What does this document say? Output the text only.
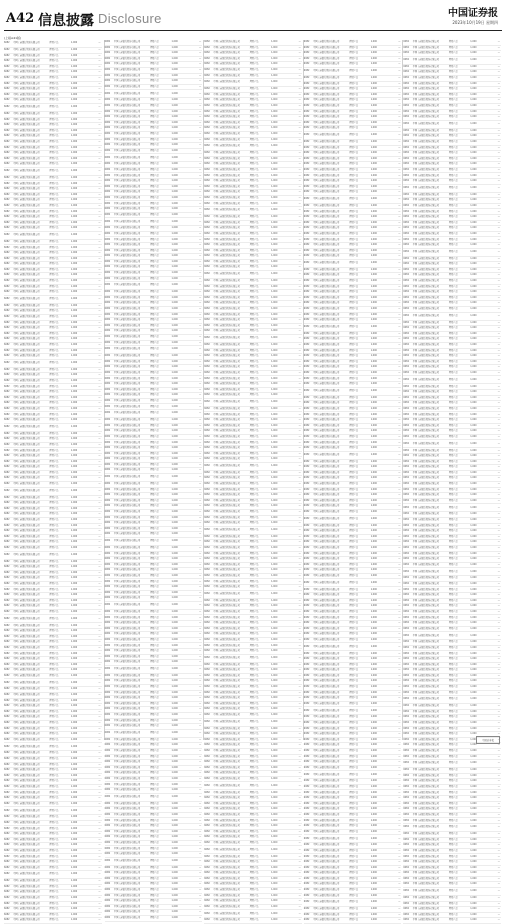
A42 信息披露 Disclosure	中国证券报
2023年10月19日 星期四
(上接A41版)
6082	中国工商银行股份有限公司	理财产品	1,000	—
6082	中国工商银行股份有限公司	理财产品	1,000	—
6082	中国工商银行股份有限公司	理财产品	1,000	—
6082	中国工商银行股份有限公司	理财产品	1,000	—
6082	中国工商银行股份有限公司	理财产品	1,000	—
6082	中国工商银行股份有限公司	理财产品	1,000	—
6082	中国工商银行股份有限公司	理财产品	1,000	—
6082	中国工商银行股份有限公司	理财产品	1,000	—
6082	中国工商银行股份有限公司	理财产品	1,000	—
6082	中国工商银行股份有限公司	理财产品	1,000	—
6082	中国工商银行股份有限公司	理财产品	1,000	—
6082	中国工商银行股份有限公司	理财产品	1,000	—
6082	中国工商银行股份有限公司	理财产品	1,000	—
6082	中国工商银行股份有限公司	理财产品	1,000	—
6082	中国工商银行股份有限公司	理财产品	1,000	—
6082	中国工商银行股份有限公司	理财产品	1,000	—
6082	中国工商银行股份有限公司	理财产品	1,000	—
6082	中国工商银行股份有限公司	理财产品	1,000	—
6082	中国工商银行股份有限公司	理财产品	1,000	—
6082	中国工商银行股份有限公司	理财产品	1,000	—
6082	中国工商银行股份有限公司	理财产品	1,000	—
6082	中国工商银行股份有限公司	理财产品	1,000	—
6082	中国工商银行股份有限公司	理财产品	1,000	—
6082	中国工商银行股份有限公司	理财产品	1,000	—
6082	中国工商银行股份有限公司	理财产品	1,000	—
6082	中国工商银行股份有限公司	理财产品	1,000	—
6082	中国工商银行股份有限公司	理财产品	1,000	—
6082	中国工商银行股份有限公司	理财产品	1,000	—
6082	中国工商银行股份有限公司	理财产品	1,000	—
6082	中国工商银行股份有限公司	理财产品	1,000	—
6082	中国工商银行股份有限公司	理财产品	1,000	—
6082	中国工商银行股份有限公司	理财产品	1,000	—
6082	中国工商银行股份有限公司	理财产品	1,000	—
6082	中国工商银行股份有限公司	理财产品	1,000	—
6082	中国工商银行股份有限公司	理财产品	1,000	—
6082	中国工商银行股份有限公司	理财产品	1,000	—
6082	中国工商银行股份有限公司	理财产品	1,000	—
6082	中国工商银行股份有限公司	理财产品	1,000	—
6082	中国工商银行股份有限公司	理财产品	1,000	—
6082	中国工商银行股份有限公司	理财产品	1,000	—
6082	中国工商银行股份有限公司	理财产品	1,000	—
6082	中国工商银行股份有限公司	理财产品	1,000	—
6082	中国工商银行股份有限公司	理财产品	1,000	—
6082	中国工商银行股份有限公司	理财产品	1,000	—
6082	中国工商银行股份有限公司	理财产品	1,000	—
6082	中国工商银行股份有限公司	理财产品	1,000	—
6082	中国工商银行股份有限公司	理财产品	1,000	—
6082	中国工商银行股份有限公司	理财产品	1,000	—
6082	中国工商银行股份有限公司	理财产品	1,000	—
6082	中国工商银行股份有限公司	理财产品	1,000	—
6082	中国工商银行股份有限公司	理财产品	1,000	—
6082	中国工商银行股份有限公司	理财产品	1,000	—
6082	中国工商银行股份有限公司	理财产品	1,000	—
6082	中国工商银行股份有限公司	理财产品	1,000	—
6082	中国工商银行股份有限公司	理财产品	1,000	—
6082	中国工商银行股份有限公司	理财产品	1,000	—
6082	中国工商银行股份有限公司	理财产品	1,000	—
6082	中国工商银行股份有限公司	理财产品	1,000	—
6082	中国工商银行股份有限公司	理财产品	1,000	—
6082	中国工商银行股份有限公司	理财产品	1,000	—
6082	中国工商银行股份有限公司	理财产品	1,000	—
6082	中国工商银行股份有限公司	理财产品	1,000	—
6082	中国工商银行股份有限公司	理财产品	1,000	—
6082	中国工商银行股份有限公司	理财产品	1,000	—
6082	中国工商银行股份有限公司	理财产品	1,000	—
6082	中国工商银行股份有限公司	理财产品	1,000	—
6082	中国工商银行股份有限公司	理财产品	1,000	—
6082	中国工商银行股份有限公司	理财产品	1,000	—
6082	中国工商银行股份有限公司	理财产品	1,000	—
6082	中国工商银行股份有限公司	理财产品	1,000	—
6082	中国工商银行股份有限公司	理财产品	1,000	—
6082	中国工商银行股份有限公司	理财产品	1,000	—
6082	中国工商银行股份有限公司	理财产品	1,000	—
6082	中国工商银行股份有限公司	理财产品	1,000	—
6082	中国工商银行股份有限公司	理财产品	1,000	—
6082	中国工商银行股份有限公司	理财产品	1,000	—
6082	中国工商银行股份有限公司	理财产品	1,000	—
6082	中国工商银行股份有限公司	理财产品	1,000	—
6082	中国工商银行股份有限公司	理财产品	1,000	—
6082	中国工商银行股份有限公司	理财产品	1,000	—
6082	中国工商银行股份有限公司	理财产品	1,000	—
6082	中国工商银行股份有限公司	理财产品	1,000	—
6082	中国工商银行股份有限公司	理财产品	1,000	—
6082	中国工商银行股份有限公司	理财产品	1,000	—
6082	中国工商银行股份有限公司	理财产品	1,000	—
6082	中国工商银行股份有限公司	理财产品	1,000	—
6082	中国工商银行股份有限公司	理财产品	1,000	—
6082	中国工商银行股份有限公司	理财产品	1,000	—
6082	中国工商银行股份有限公司	理财产品	1,000	—
6082	中国工商银行股份有限公司	理财产品	1,000	—
6082	中国工商银行股份有限公司	理财产品	1,000	—
6082	中国工商银行股份有限公司	理财产品	1,000	—
6082	中国工商银行股份有限公司	理财产品	1,000	—
6082	中国工商银行股份有限公司	理财产品	1,000	—
6082	中国工商银行股份有限公司	理财产品	1,000	—
6082	中国工商银行股份有限公司	理财产品	1,000	—
6082	中国工商银行股份有限公司	理财产品	1,000	—
6082	中国工商银行股份有限公司	理财产品	1,000	—
6082	中国工商银行股份有限公司	理财产品	1,000	—
6082	中国工商银行股份有限公司	理财产品	1,000	—
6082	中国工商银行股份有限公司	理财产品	1,000	—
6082	中国工商银行股份有限公司	理财产品	1,000	—
6082	中国工商银行股份有限公司	理财产品	1,000	—
6082	中国工商银行股份有限公司	理财产品	1,000	—
6082	中国工商银行股份有限公司	理财产品	1,000	—
6082	中国工商银行股份有限公司	理财产品	1,000	—
6082	中国工商银行股份有限公司	理财产品	1,000	—
6082	中国工商银行股份有限公司	理财产品	1,000	—
6082	中国工商银行股份有限公司	理财产品	1,000	—
6082	中国工商银行股份有限公司	理财产品	1,000	—
6082	中国工商银行股份有限公司	理财产品	1,000	—
6082	中国工商银行股份有限公司	理财产品	1,000	—
6082	中国工商银行股份有限公司	理财产品	1,000	—
6082	中国工商银行股份有限公司	理财产品	1,000	—
6082	中国工商银行股份有限公司	理财产品	1,000	—
6082	中国工商银行股份有限公司	理财产品	1,000	—
6082	中国工商银行股份有限公司	理财产品	1,000	—
6082	中国工商银行股份有限公司	理财产品	1,000	—
6082	中国工商银行股份有限公司	理财产品	1,000	—
6082	中国工商银行股份有限公司	理财产品	1,000	—
6082	中国工商银行股份有限公司	理财产品	1,000	—
6082	中国工商银行股份有限公司	理财产品	1,000	—
6082	中国工商银行股份有限公司	理财产品	1,000	—
6082	中国工商银行股份有限公司	理财产品	1,000	—
6082	中国工商银行股份有限公司	理财产品	1,000	—
6082	中国工商银行股份有限公司	理财产品	1,000	—
6082	中国工商银行股份有限公司	理财产品	1,000	—
6082	中国工商银行股份有限公司	理财产品	1,000	—
6082	中国工商银行股份有限公司	理财产品	1,000	—
6082	中国工商银行股份有限公司	理财产品	1,000	—
6082	中国工商银行股份有限公司	理财产品	1,000	—
6082	中国工商银行股份有限公司	理财产品	1,000	—
6082	中国工商银行股份有限公司	理财产品	1,000	—
6082	中国工商银行股份有限公司	理财产品	1,000	—
6082	中国工商银行股份有限公司	理财产品	1,000	—
6082	中国工商银行股份有限公司	理财产品	1,000	—
6082	中国工商银行股份有限公司	理财产品	1,000	—
6082	中国工商银行股份有限公司	理财产品	1,000	—
6082	中国工商银行股份有限公司	理财产品	1,000	—
6082	中国工商银行股份有限公司	理财产品	1,000	—
6082	中国工商银行股份有限公司	理财产品	1,000	—
6082	中国工商银行股份有限公司	理财产品	1,000	—
6082	中国工商银行股份有限公司	理财产品	1,000	—
6082	中国工商银行股份有限公司	理财产品	1,000	—
6082	中国工商银行股份有限公司	理财产品	1,000	—
6082	中国工商银行股份有限公司	理财产品	1,000	—
6082	中国工商银行股份有限公司	理财产品	1,000	—
6082	中国工商银行股份有限公司	理财产品	1,000	—
6082	中国工商银行股份有限公司	理财产品	1,000	—
6082	中国工商银行股份有限公司	理财产品	1,000	—
6082	中国工商银行股份有限公司	理财产品	1,000	—
6082	中国工商银行股份有限公司	理财产品	1,000	—
6082	中国工商银行股份有限公司	理财产品	1,000	—
6082	中国工商银行股份有限公司	理财产品	1,000	—
6082	中国工商银行股份有限公司	理财产品	1,000	—
6082	中国工商银行股份有限公司	理财产品	1,000	—
6082	中国工商银行股份有限公司	理财产品	1,000	—
6082	中国工商银行股份有限公司	理财产品	1,000	—
6082	中国工商银行股份有限公司	理财产品	1,000	—
6082	中国工商银行股份有限公司	理财产品	1,000	—
6082	中国工商银行股份有限公司	理财产品	1,000	—
6082	中国工商银行股份有限公司	理财产品	1,000	—
6082	中国工商银行股份有限公司	理财产品	1,000	—
6082	中国工商银行股份有限公司	理财产品	1,000	—
6082	中国工商银行股份有限公司	理财产品	1,000	—
6082	中国工商银行股份有限公司	理财产品	1,000	—
6082	中国工商银行股份有限公司	理财产品	1,000	—
6082	中国工商银行股份有限公司	理财产品	1,000	—
6082	中国工商银行股份有限公司	理财产品	1,000	—
6082	中国工商银行股份有限公司	理财产品	1,000	—
6082	中国工商银行股份有限公司	理财产品	1,000	—
6082	中国工商银行股份有限公司	理财产品	1,000	—
6082	中国工商银行股份有限公司	理财产品	1,000	—
6082	中国工商银行股份有限公司	理财产品	1,000	—
6082	中国工商银行股份有限公司	理财产品	1,000	—
6082	中国工商银行股份有限公司	理财产品	1,000	—
6082	中国工商银行股份有限公司	理财产品	1,000	—
6082	中国工商银行股份有限公司	理财产品	1,000	—
6082	中国工商银行股份有限公司	理财产品	1,000	—
6082	中国工商银行股份有限公司	理财产品	1,000	—
6082	中国工商银行股份有限公司	理财产品	1,000	—
6082	中国工商银行股份有限公司	理财产品	1,000	—
6082	中国工商银行股份有限公司	理财产品	1,000	—
6082	中国工商银行股份有限公司	理财产品	1,000	—
6082	中国工商银行股份有限公司	理财产品	1,000	—
6082	中国工商银行股份有限公司	理财产品	1,000	—
6082	中国工商银行股份有限公司	理财产品	1,000	—
6082	中国工商银行股份有限公司	理财产品	1,000	—
6082	中国工商银行股份有限公司	理财产品	1,000	—
6082	中国工商银行股份有限公司	理财产品	1,000	—
6082	中国工商银行股份有限公司	理财产品	1,000	—
6082	中国工商银行股份有限公司	理财产品	1,000	—
6082	中国工商银行股份有限公司	理财产品	1,000	—
6082	中国工商银行股份有限公司	理财产品	1,000	—
6082	中国工商银行股份有限公司	理财产品	1,000	—
6082	中国工商银行股份有限公司	理财产品	1,000	—
6082	中国工商银行股份有限公司	理财产品	1,000	—
6082	中国工商银行股份有限公司	理财产品	1,000	—
6082	中国工商银行股份有限公司	理财产品	1,000	—
6082	中国工商银行股份有限公司	理财产品	1,000	—
6082	中国工商银行股份有限公司	理财产品	1,000	—
6082	中国工商银行股份有限公司	理财产品	1,000	—
6082	中国工商银行股份有限公司	理财产品	1,000	—
6082	中国工商银行股份有限公司	理财产品	1,000	—
6082	中国工商银行股份有限公司	理财产品	1,000	—
6082	中国工商银行股份有限公司	理财产品	1,000	—
6082	中国工商银行股份有限公司	理财产品	1,000	—
6082	中国工商银行股份有限公司	理财产品	1,000	—
6082	中国工商银行股份有限公司	理财产品	1,000	—
6082	中国工商银行股份有限公司	理财产品	1,000	—
6082	中国工商银行股份有限公司	理财产品	1,000	—
6082	中国工商银行股份有限公司	理财产品	1,000	—
6082	中国工商银行股份有限公司	理财产品	1,000	—
6082	中国工商银行股份有限公司	理财产品	1,000	—
6082	中国工商银行股份有限公司	理财产品	1,000	—
6082	中国工商银行股份有限公司	理财产品	1,000	—
6082	中国工商银行股份有限公司	理财产品	1,000	—
6082	中国工商银行股份有限公司	理财产品	1,000	—
6082	中国工商银行股份有限公司	理财产品	1,000	—
6082	中国工商银行股份有限公司	理财产品	1,000	—
6082	中国工商银行股份有限公司	理财产品	1,000	—
6082	中国工商银行股份有限公司	理财产品	1,000	—
6082	中国工商银行股份有限公司	理财产品	1,000	—
6082	中国工商银行股份有限公司	理财产品	1,000	—
6082	中国工商银行股份有限公司	理财产品	1,000	—
6082	中国工商银行股份有限公司	理财产品	1,000	—
6082	中国工商银行股份有限公司	理财产品	1,000	—
6082	中国工商银行股份有限公司	理财产品	1,000	—
6082	中国工商银行股份有限公司	理财产品	1,000	—
6082	中国工商银行股份有限公司	理财产品	1,000	—
6082	中国工商银行股份有限公司	理财产品	1,000	—
6082	中国工商银行股份有限公司	理财产品	1,000	—
6082	中国工商银行股份有限公司	理财产品	1,000	—
6082	中国工商银行股份有限公司	理财产品	1,000	—
6082	中国工商银行股份有限公司	理财产品	1,000	—
6082	中国工商银行股份有限公司	理财产品	1,000	—
6082	中国工商银行股份有限公司	理财产品	1,000	—
6082	中国工商银行股份有限公司	理财产品	1,000	—
6082	中国工商银行股份有限公司	理财产品	1,000	—
6082	中国工商银行股份有限公司	理财产品	1,000	—
6082	中国工商银行股份有限公司	理财产品	1,000	—
6082	中国工商银行股份有限公司	理财产品	1,000	—
6082	中国工商银行股份有限公司	理财产品	1,000	—
6082	中国工商银行股份有限公司	理财产品	1,000	—
6082	中国工商银行股份有限公司	理财产品	1,000	—
6082	中国工商银行股份有限公司	理财产品	1,000	—
6082	中国工商银行股份有限公司	理财产品	1,000	—
6082	中国工商银行股份有限公司	理财产品	1,000	—
6082	中国工商银行股份有限公司	理财产品	1,000	—
6082	中国工商银行股份有限公司	理财产品	1,000	—
6082	中国工商银行股份有限公司	理财产品	1,000	—
6082	中国工商银行股份有限公司	理财产品	1,000	—
6082	中国工商银行股份有限公司	理财产品	1,000	—
6082	中国工商银行股份有限公司	理财产品	1,000	—
6082	中国工商银行股份有限公司	理财产品	1,000	—
6082	中国工商银行股份有限公司	理财产品	1,000	—
6082	中国工商银行股份有限公司	理财产品	1,000	—
6082	中国工商银行股份有限公司	理财产品	1,000	—
6082	中国工商银行股份有限公司	理财产品	1,000	—
6082	中国工商银行股份有限公司	理财产品	1,000	—
6082	中国工商银行股份有限公司	理财产品	1,000	—
6082	中国工商银行股份有限公司	理财产品	1,000	—
6082	中国工商银行股份有限公司	理财产品	1,000	—
6082	中国工商银行股份有限公司	理财产品	1,000	—
6082	中国工商银行股份有限公司	理财产品	1,000	—
6082	中国工商银行股份有限公司	理财产品	1,000	—
6082	中国工商银行股份有限公司	理财产品	1,000	—
6082	中国工商银行股份有限公司	理财产品	1,000	—
6082	中国工商银行股份有限公司	理财产品	1,000	—
6082	中国工商银行股份有限公司	理财产品	1,000	—
6082	中国工商银行股份有限公司	理财产品	1,000	—
6082	中国工商银行股份有限公司	理财产品	1,000	—
6082	中国工商银行股份有限公司	理财产品	1,000	—
6082	中国工商银行股份有限公司	理财产品	1,000	—
6082	中国工商银行股份有限公司	理财产品	1,000	—
6082	中国工商银行股份有限公司	理财产品	1,000	—
6082	中国工商银行股份有限公司	理财产品	1,000	—
6082	中国工商银行股份有限公司	理财产品	1,000	—
6082	中国工商银行股份有限公司	理财产品	1,000	—
6082	中国工商银行股份有限公司	理财产品	1,000	—
6082	中国工商银行股份有限公司	理财产品	1,000	—
6082	中国工商银行股份有限公司	理财产品	1,000	—
6082	中国工商银行股份有限公司	理财产品	1,000	—
6082	中国工商银行股份有限公司	理财产品	1,000	—
6082	中国工商银行股份有限公司	理财产品	1,000	—
6082	中国工商银行股份有限公司	理财产品	1,000	—
6082	中国工商银行股份有限公司	理财产品	1,000	—
6082	中国工商银行股份有限公司	理财产品	1,000	—
6082	中国工商银行股份有限公司	理财产品	1,000	—
6082	中国工商银行股份有限公司	理财产品	1,000	—
6082	中国工商银行股份有限公司	理财产品	1,000	—
6082	中国工商银行股份有限公司	理财产品	1,000	—
6082	中国工商银行股份有限公司	理财产品	1,000	—
6082	中国工商银行股份有限公司	理财产品	1,000	—
6082	中国工商银行股份有限公司	理财产品	1,000	—
6082	中国工商银行股份有限公司	理财产品	1,000	—
6082	中国工商银行股份有限公司	理财产品	1,000	—
6082	中国工商银行股份有限公司	理财产品	1,000	—
6082	中国工商银行股份有限公司	理财产品	1,000	—
6082	中国工商银行股份有限公司	理财产品	1,000	—
6082	中国工商银行股份有限公司	理财产品	1,000	—
6082	中国工商银行股份有限公司	理财产品	1,000	—
6082	中国工商银行股份有限公司	理财产品	1,000	—
6082	中国工商银行股份有限公司	理财产品	1,000	—
6082	中国工商银行股份有限公司	理财产品	1,000	—
6082	中国工商银行股份有限公司	理财产品	1,000	—
6082	中国工商银行股份有限公司	理财产品	1,000	—
6082	中国工商银行股份有限公司	理财产品	1,000	—
6082	中国工商银行股份有限公司	理财产品	1,000	—
6082	中国工商银行股份有限公司	理财产品	1,000	—
6082	中国工商银行股份有限公司	理财产品	1,000	—
6082	中国工商银行股份有限公司	理财产品	1,000	—
6082	中国工商银行股份有限公司	理财产品	1,000	—
6082	中国工商银行股份有限公司	理财产品	1,000	—
6082	中国工商银行股份有限公司	理财产品	1,000	—
6082	中国工商银行股份有限公司	理财产品	1,000	—
6082	中国工商银行股份有限公司	理财产品	1,000	—
6082	中国工商银行股份有限公司	理财产品	1,000	—
6082	中国工商银行股份有限公司	理财产品	1,000	—
6082	中国工商银行股份有限公司	理财产品	1,000	—
6082	中国工商银行股份有限公司	理财产品	1,000	—
6082	中国工商银行股份有限公司	理财产品	1,000	—
6082	中国工商银行股份有限公司	理财产品	1,000	—
6082	中国工商银行股份有限公司	理财产品	1,000	—
6082	中国工商银行股份有限公司	理财产品	1,000	—
6082	中国工商银行股份有限公司	理财产品	1,000	—
6082	中国工商银行股份有限公司	理财产品	1,000	—
6082	中国工商银行股份有限公司	理财产品	1,000	—
6082	中国工商银行股份有限公司	理财产品	1,000	—
6082	中国工商银行股份有限公司	理财产品	1,000	—
6082	中国工商银行股份有限公司	理财产品	1,000	—
6082	中国工商银行股份有限公司	理财产品	1,000	—
6082	中国工商银行股份有限公司	理财产品	1,000	—
6082	中国工商银行股份有限公司	理财产品	1,000	—
6082	中国工商银行股份有限公司	理财产品	1,000	—
6082	中国工商银行股份有限公司	理财产品	1,000	—
6082	中国工商银行股份有限公司	理财产品	1,000	—
6082	中国工商银行股份有限公司	理财产品	1,000	—
6082	中国工商银行股份有限公司	理财产品	1,000	—
6082	中国工商银行股份有限公司	理财产品	1,000	—
6082	中国工商银行股份有限公司	理财产品	1,000	—
6082	中国工商银行股份有限公司	理财产品	1,000	—
6082	中国工商银行股份有限公司	理财产品	1,000	—
6082	中国工商银行股份有限公司	理财产品	1,000	—
6082	中国工商银行股份有限公司	理财产品	1,000	—
6082	中国工商银行股份有限公司	理财产品	1,000	—
6082	中国工商银行股份有限公司	理财产品	1,000	—
6082	中国工商银行股份有限公司	理财产品	1,000	—
6082	中国工商银行股份有限公司	理财产品	1,000	—
6082	中国工商银行股份有限公司	理财产品	1,000	—
6082	中国工商银行股份有限公司	理财产品	1,000	—
6082	中国工商银行股份有限公司	理财产品	1,000	—
6082	中国工商银行股份有限公司	理财产品	1,000	—
6082	中国工商银行股份有限公司	理财产品	1,000	—
6082	中国工商银行股份有限公司	理财产品	1,000	—
6082	中国工商银行股份有限公司	理财产品	1,000	—
6082	中国工商银行股份有限公司	理财产品	1,000	—
6082	中国工商银行股份有限公司	理财产品	1,000	—
6082	中国工商银行股份有限公司	理财产品	1,000	—
6082	中国工商银行股份有限公司	理财产品	1,000	—
6082	中国工商银行股份有限公司	理财产品	1,000	—
6082	中国工商银行股份有限公司	理财产品	1,000	—
6082	中国工商银行股份有限公司	理财产品	1,000	—
6082	中国工商银行股份有限公司	理财产品	1,000	—
6082	中国工商银行股份有限公司	理财产品	1,000	—
6082	中国工商银行股份有限公司	理财产品	1,000	—
6082	中国工商银行股份有限公司	理财产品	1,000	—
6082	中国工商银行股份有限公司	理财产品	1,000	—
6082	中国工商银行股份有限公司	理财产品	1,000	—
6082	中国工商银行股份有限公司	理财产品	1,000	—
6082	中国工商银行股份有限公司	理财产品	1,000	—
6082	中国工商银行股份有限公司	理财产品	1,000	—
6082	中国工商银行股份有限公司	理财产品	1,000	—
6082	中国工商银行股份有限公司	理财产品	1,000	—
6082	中国工商银行股份有限公司	理财产品	1,000	—
6082	中国工商银行股份有限公司	理财产品	1,000	—
6082	中国工商银行股份有限公司	理财产品	1,000	—
6082	中国工商银行股份有限公司	理财产品	1,000	—
6082	中国工商银行股份有限公司	理财产品	1,000	—
6082	中国工商银行股份有限公司	理财产品	1,000	—
6082	中国工商银行股份有限公司	理财产品	1,000	—
6082	中国工商银行股份有限公司	理财产品	1,000	—
6082	中国工商银行股份有限公司	理财产品	1,000	—
6082	中国工商银行股份有限公司	理财产品	1,000	—
6082	中国工商银行股份有限公司	理财产品	1,000	—
6082	中国工商银行股份有限公司	理财产品	1,000	—
6082	中国工商银行股份有限公司	理财产品	1,000	—
6082	中国工商银行股份有限公司	理财产品	1,000	—
6082	中国工商银行股份有限公司	理财产品	1,000	—
6082	中国工商银行股份有限公司	理财产品	1,000	—
6082	中国工商银行股份有限公司	理财产品	1,000	—
6082	中国工商银行股份有限公司	理财产品	1,000	—
6082	中国工商银行股份有限公司	理财产品	1,000	—
6082	中国工商银行股份有限公司	理财产品	1,000	—
6082	中国工商银行股份有限公司	理财产品	1,000	—
6082	中国工商银行股份有限公司	理财产品	1,000	—
6082	中国工商银行股份有限公司	理财产品	1,000	—
6082	中国工商银行股份有限公司	理财产品	1,000	—
6082	中国工商银行股份有限公司	理财产品	1,000	—
6082	中国工商银行股份有限公司	理财产品	1,000	—
6082	中国工商银行股份有限公司	理财产品	1,000	—
6082	中国工商银行股份有限公司	理财产品	1,000	—
6082	中国工商银行股份有限公司	理财产品	1,000	—
6082	中国工商银行股份有限公司	理财产品	1,000	—
6082	中国工商银行股份有限公司	理财产品	1,000	—
6082	中国工商银行股份有限公司	理财产品	1,000	—
6082	中国工商银行股份有限公司	理财产品	1,000	—
6082	中国工商银行股份有限公司	理财产品	1,000	—
6082	中国工商银行股份有限公司	理财产品	1,000	—
6082	中国工商银行股份有限公司	理财产品	1,000	—
6082	中国工商银行股份有限公司	理财产品	1,000	—
6082	中国工商银行股份有限公司	理财产品	1,000	—
6082	中国工商银行股份有限公司	理财产品	1,000	—
6082	中国工商银行股份有限公司	理财产品	1,000	—
6082	中国工商银行股份有限公司	理财产品	1,000	—
6082	中国工商银行股份有限公司	理财产品	1,000	—
6082	中国工商银行股份有限公司	理财产品	1,000	—
6082	中国工商银行股份有限公司	理财产品	1,000	—
6082	中国工商银行股份有限公司	理财产品	1,000	—
6082	中国工商银行股份有限公司	理财产品	1,000	—
6082	中国工商银行股份有限公司	理财产品	1,000	—
6082	中国工商银行股份有限公司	理财产品	1,000	—
6082	中国工商银行股份有限公司	理财产品	1,000	—
6082	中国工商银行股份有限公司	理财产品	1,000	—
6082	中国工商银行股份有限公司	理财产品	1,000	—
6082	中国工商银行股份有限公司	理财产品	1,000	—
6082	中国工商银行股份有限公司	理财产品	1,000	—
6082	中国工商银行股份有限公司	理财产品	1,000	—
6082	中国工商银行股份有限公司	理财产品	1,000	—
6082	中国工商银行股份有限公司	理财产品	1,000	—
6082	中国工商银行股份有限公司	理财产品	1,000	—
6082	中国工商银行股份有限公司	理财产品	1,000	—
6082	中国工商银行股份有限公司	理财产品	1,000	—
6082	中国工商银行股份有限公司	理财产品	1,000	—
6082	中国工商银行股份有限公司	理财产品	1,000	—
6082	中国工商银行股份有限公司	理财产品	1,000	—
6082	中国工商银行股份有限公司	理财产品	1,000	—
6082	中国工商银行股份有限公司	理财产品	1,000	—
6082	中国工商银行股份有限公司	理财产品	1,000	—
6082	中国工商银行股份有限公司	理财产品	1,000	—
6082	中国工商银行股份有限公司	理财产品	1,000	—
6082	中国工商银行股份有限公司	理财产品	1,000	—
6082	中国工商银行股份有限公司	理财产品	1,000	—
6082	中国工商银行股份有限公司	理财产品	1,000	—
6082	中国工商银行股份有限公司	理财产品	1,000	—
6082	中国工商银行股份有限公司	理财产品	1,000	—
6082	中国工商银行股份有限公司	理财产品	1,000	—
6082	中国工商银行股份有限公司	理财产品	1,000	—
6082	中国工商银行股份有限公司	理财产品	1,000	—
6082	中国工商银行股份有限公司	理财产品	1,000	—
6082	中国工商银行股份有限公司	理财产品	1,000	—
6082	中国工商银行股份有限公司	理财产品	1,000	—
6082	中国工商银行股份有限公司	理财产品	1,000	—
6082	中国工商银行股份有限公司	理财产品	1,000	—
6082	中国工商银行股份有限公司	理财产品	1,000	—
6082	中国工商银行股份有限公司	理财产品	1,000	—
6082	中国工商银行股份有限公司	理财产品	1,000	—
6082	中国工商银行股份有限公司	理财产品	1,000	—
6082	中国工商银行股份有限公司	理财产品	1,000	—
6082	中国工商银行股份有限公司	理财产品	1,000	—
6082	中国工商银行股份有限公司	理财产品	1,000	—
6082	中国工商银行股份有限公司	理财产品	1,000	—
6082	中国工商银行股份有限公司	理财产品	1,000	—
6082	中国工商银行股份有限公司	理财产品	1,000	—
6082	中国工商银行股份有限公司	理财产品	1,000	—
6082	中国工商银行股份有限公司	理财产品	1,000	—
6082	中国工商银行股份有限公司	理财产品	1,000	—
6082	中国工商银行股份有限公司	理财产品	1,000	—
6082	中国工商银行股份有限公司	理财产品	1,000	—
6082	中国工商银行股份有限公司	理财产品	1,000	—
6082	中国工商银行股份有限公司	理财产品	1,000	—
6082	中国工商银行股份有限公司	理财产品	1,000	—
6082	中国工商银行股份有限公司	理财产品	1,000	—
6082	中国工商银行股份有限公司	理财产品	1,000	—
6082	中国工商银行股份有限公司	理财产品	1,000	—
6082	中国工商银行股份有限公司	理财产品	1,000	—
6082	中国工商银行股份有限公司	理财产品	1,000	—
6082	中国工商银行股份有限公司	理财产品	1,000	—
6082	中国工商银行股份有限公司	理财产品	1,000	—
6082	中国工商银行股份有限公司	理财产品	1,000	—
6082	中国工商银行股份有限公司	理财产品	1,000	—
6082	中国工商银行股份有限公司	理财产品	1,000	—
6082	中国工商银行股份有限公司	理财产品	1,000	—
6082	中国工商银行股份有限公司	理财产品	1,000	—
6082	中国工商银行股份有限公司	理财产品	1,000	—
6082	中国工商银行股份有限公司	理财产品	1,000	—
6082	中国工商银行股份有限公司	理财产品	1,000	—
6082	中国工商银行股份有限公司	理财产品	1,000	—
6082	中国工商银行股份有限公司	理财产品	1,000	—
6082	中国工商银行股份有限公司	理财产品	1,000	—
6082	中国工商银行股份有限公司	理财产品	1,000	—
6082	中国工商银行股份有限公司	理财产品	1,000	—
6082	中国工商银行股份有限公司	理财产品	1,000	—
6082	中国工商银行股份有限公司	理财产品	1,000	—
6082	中国工商银行股份有限公司	理财产品	1,000	—
6082	中国工商银行股份有限公司	理财产品	1,000	—
6082	中国工商银行股份有限公司	理财产品	1,000	—
6082	中国工商银行股份有限公司	理财产品	1,000	—
6082	中国工商银行股份有限公司	理财产品	1,000	—
6082	中国工商银行股份有限公司	理财产品	1,000	—
6082	中国工商银行股份有限公司	理财产品	1,000	—
6082	中国工商银行股份有限公司	理财产品	1,000	—
6082	中国工商银行股份有限公司	理财产品	1,000	—
6082	中国工商银行股份有限公司	理财产品	1,000	—
6082	中国工商银行股份有限公司	理财产品	1,000	—
6082	中国工商银行股份有限公司	理财产品	1,000	—
6082	中国工商银行股份有限公司	理财产品	1,000	—
6082	中国工商银行股份有限公司	理财产品	1,000	—
6082	中国工商银行股份有限公司	理财产品	1,000	—
6082	中国工商银行股份有限公司	理财产品	1,000	—
6082	中国工商银行股份有限公司	理财产品	1,000	—
6082	中国工商银行股份有限公司	理财产品	1,000	—
6082	中国工商银行股份有限公司	理财产品	1,000	—
6082	中国工商银行股份有限公司	理财产品	1,000	—
6082	中国工商银行股份有限公司	理财产品	1,000	—
6082	中国工商银行股份有限公司	理财产品	1,000	—
6082	中国工商银行股份有限公司	理财产品	1,000	—
6082	中国工商银行股份有限公司	理财产品	1,000	—
6082	中国工商银行股份有限公司	理财产品	1,000	—
6082	中国工商银行股份有限公司	理财产品	1,000	—
6082	中国工商银行股份有限公司	理财产品	1,000	—
6082	中国工商银行股份有限公司	理财产品	1,000	—
6082	中国工商银行股份有限公司	理财产品	1,000	—
6082	中国工商银行股份有限公司	理财产品	1,000	—
6082	中国工商银行股份有限公司	理财产品	1,000	—
6082	中国工商银行股份有限公司	理财产品	1,000	—
6082	中国工商银行股份有限公司	理财产品	1,000	—
6082	中国工商银行股份有限公司	理财产品	1,000	—
6082	中国工商银行股份有限公司	理财产品	1,000	—
6082	中国工商银行股份有限公司	理财产品	1,000	—
6082	中国工商银行股份有限公司	理财产品	1,000	—
6082	中国工商银行股份有限公司	理财产品	1,000	—
6082	中国工商银行股份有限公司	理财产品	1,000	—
6082	中国工商银行股份有限公司	理财产品	1,000	—
6082	中国工商银行股份有限公司	理财产品	1,000	—
6082	中国工商银行股份有限公司	理财产品	1,000	—
6082	中国工商银行股份有限公司	理财产品	1,000	—
6082	中国工商银行股份有限公司	理财产品	1,000	—
6082	中国工商银行股份有限公司	理财产品	1,000	—
6082	中国工商银行股份有限公司	理财产品	1,000	—
6082	中国工商银行股份有限公司	理财产品	1,000	—
6082	中国工商银行股份有限公司	理财产品	1,000	—
6082	中国工商银行股份有限公司	理财产品	1,000	—
6082	中国工商银行股份有限公司	理财产品	1,000	—
6082	中国工商银行股份有限公司	理财产品	1,000	—
6082	中国工商银行股份有限公司	理财产品	1,000	—
6082	中国工商银行股份有限公司	理财产品	1,000	—
6082	中国工商银行股份有限公司	理财产品	1,000	—
6082	中国工商银行股份有限公司	理财产品	1,000	—
6082	中国工商银行股份有限公司	理财产品	1,000	—
6082	中国工商银行股份有限公司	理财产品	1,000	—
6082	中国工商银行股份有限公司	理财产品	1,000	—
6082	中国工商银行股份有限公司	理财产品	1,000	—
6082	中国工商银行股份有限公司	理财产品	1,000	—
6082	中国工商银行股份有限公司	理财产品	1,000	—
6082	中国工商银行股份有限公司	理财产品	1,000	—
6082	中国工商银行股份有限公司	理财产品	1,000	—
6082	中国工商银行股份有限公司	理财产品	1,000	—
6082	中国工商银行股份有限公司	理财产品	1,000	—
6082	中国工商银行股份有限公司	理财产品	1,000	—
6082	中国工商银行股份有限公司	理财产品	1,000	—
6082	中国工商银行股份有限公司	理财产品	1,000	—
6082	中国工商银行股份有限公司	理财产品	1,000	—
6082	中国工商银行股份有限公司	理财产品	1,000	—
6082	中国工商银行股份有限公司	理财产品	1,000	—
6082	中国工商银行股份有限公司	理财产品	1,000	—
6082	中国工商银行股份有限公司	理财产品	1,000	—
6082	中国工商银行股份有限公司	理财产品	1,000	—
6082	中国工商银行股份有限公司	理财产品	1,000	—
6082	中国工商银行股份有限公司	理财产品	1,000	—
6082	中国工商银行股份有限公司	理财产品	1,000	—
6082	中国工商银行股份有限公司	理财产品	1,000	—
6082	中国工商银行股份有限公司	理财产品	1,000	—
6082	中国工商银行股份有限公司	理财产品	1,000	—
6082	中国工商银行股份有限公司	理财产品	1,000	—
6082	中国工商银行股份有限公司	理财产品	1,000	—
6082	中国工商银行股份有限公司	理财产品	1,000	—
6082	中国工商银行股份有限公司	理财产品	1,000	—
6082	中国工商银行股份有限公司	理财产品	1,000	—
6082	中国工商银行股份有限公司	理财产品	1,000	—
6082	中国工商银行股份有限公司	理财产品	1,000	—
6082	中国工商银行股份有限公司	理财产品	1,000	—
6082	中国工商银行股份有限公司	理财产品	1,000	—
6082	中国工商银行股份有限公司	理财产品	1,000	—
6082	中国工商银行股份有限公司	理财产品	1,000	—
6082	中国工商银行股份有限公司	理财产品	1,000	—
6082	中国工商银行股份有限公司	理财产品	1,000	—
6082	中国工商银行股份有限公司	理财产品	1,000	—
6082	中国工商银行股份有限公司	理财产品	1,000	—
6082	中国工商银行股份有限公司	理财产品	1,000	—
6082	中国工商银行股份有限公司	理财产品	1,000	—
6082	中国工商银行股份有限公司	理财产品	1,000	—
6082	中国工商银行股份有限公司	理财产品	1,000	—
6082	中国工商银行股份有限公司	理财产品	1,000	—
6082	中国工商银行股份有限公司	理财产品	1,000	—
6082	中国工商银行股份有限公司	理财产品	1,000	—
6082	中国工商银行股份有限公司	理财产品	1,000	—
6082	中国工商银行股份有限公司	理财产品	1,000	—
6082	中国工商银行股份有限公司	理财产品	1,000	—
6082	中国工商银行股份有限公司	理财产品	1,000	—
6082	中国工商银行股份有限公司	理财产品	1,000	—
6082	中国工商银行股份有限公司	理财产品	1,000	—
6082	中国工商银行股份有限公司	理财产品	1,000	—
6082	中国工商银行股份有限公司	理财产品	1,000	—
6082	中国工商银行股份有限公司	理财产品	1,000	—
6082	中国工商银行股份有限公司	理财产品	1,000	—
6082	中国工商银行股份有限公司	理财产品	1,000	—
6082	中国工商银行股份有限公司	理财产品	1,000	—
6082	中国工商银行股份有限公司	理财产品	1,000	—
6082	中国工商银行股份有限公司	理财产品	1,000	—
6082	中国工商银行股份有限公司	理财产品	1,000	—
6082	中国工商银行股份有限公司	理财产品	1,000	—
6082	中国工商银行股份有限公司	理财产品	1,000	—
6082	中国工商银行股份有限公司	理财产品	1,000	—
6082	中国工商银行股份有限公司	理财产品	1,000	—
6082	中国工商银行股份有限公司	理财产品	1,000	—
6082	中国工商银行股份有限公司	理财产品	1,000	—
6082	中国工商银行股份有限公司	理财产品	1,000	—
6082	中国工商银行股份有限公司	理财产品	1,000	—
6082	中国工商银行股份有限公司	理财产品	1,000	—
6082	中国工商银行股份有限公司	理财产品	1,000	—
6082	中国工商银行股份有限公司	理财产品	1,000	—
6082	中国工商银行股份有限公司	理财产品	1,000	—
6082	中国工商银行股份有限公司	理财产品	1,000	—
6082	中国工商银行股份有限公司	理财产品	1,000	—
6082	中国工商银行股份有限公司	理财产品	1,000	—
6082	中国工商银行股份有限公司	理财产品	1,000	—
6082	中国工商银行股份有限公司	理财产品	1,000	—
6082	中国工商银行股份有限公司	理财产品	1,000	—
6082	中国工商银行股份有限公司	理财产品	1,000	—
6082	中国工商银行股份有限公司	理财产品	1,000	—
6082	中国工商银行股份有限公司	理财产品	1,000	—
6082	中国工商银行股份有限公司	理财产品	1,000	—
6082	中国工商银行股份有限公司	理财产品	1,000	—
6082	中国工商银行股份有限公司	理财产品	1,000	—
6082	中国工商银行股份有限公司	理财产品	1,000	—
6082	中国工商银行股份有限公司	理财产品	1,000	—
6082	中国工商银行股份有限公司	理财产品	1,000	—
6082	中国工商银行股份有限公司	理财产品	1,000	—
6082	中国工商银行股份有限公司	理财产品	1,000	—
6082	中国工商银行股份有限公司	理财产品	1,000	—
6082	中国工商银行股份有限公司	理财产品	1,000	—
6082	中国工商银行股份有限公司	理财产品	1,000	—
6082	中国工商银行股份有限公司	理财产品	1,000	—
6082	中国工商银行股份有限公司	理财产品	1,000	—
6082	中国工商银行股份有限公司	理财产品	1,000	—
6082	中国工商银行股份有限公司	理财产品	1,000	—
6082	中国工商银行股份有限公司	理财产品	1,000	—
6082	中国工商银行股份有限公司	理财产品	1,000	—
6082	中国工商银行股份有限公司	理财产品	1,000	—
6082	中国工商银行股份有限公司	理财产品	1,000	—
6082	中国工商银行股份有限公司	理财产品	1,000	—
6082	中国工商银行股份有限公司	理财产品	1,000	—
6082	中国工商银行股份有限公司	理财产品	1,000	—
6082	中国工商银行股份有限公司	理财产品	1,000	—
6082	中国工商银行股份有限公司	理财产品	1,000	—
6082	中国工商银行股份有限公司	理财产品	1,000	—
6082	中国工商银行股份有限公司	理财产品	1,000	—
6082	中国工商银行股份有限公司	理财产品	1,000	—
6082	中国工商银行股份有限公司	理财产品	1,000	—
6082	中国工商银行股份有限公司	理财产品	1,000	—
6082	中国工商银行股份有限公司	理财产品	1,000	—
6082	中国工商银行股份有限公司	理财产品	1,000	—
6082	中国工商银行股份有限公司	理财产品	1,000	—
6082	中国工商银行股份有限公司	理财产品	1,000	—
6082	中国工商银行股份有限公司	理财产品	1,000	—
6082	中国工商银行股份有限公司	理财产品	1,000	—
6082	中国工商银行股份有限公司	理财产品	1,000	—
6082	中国工商银行股份有限公司	理财产品	1,000	—
6082	中国工商银行股份有限公司	理财产品	1,000	—
6082	中国工商银行股份有限公司	理财产品	1,000	—
6082	中国工商银行股份有限公司	理财产品	1,000	—
6082	中国工商银行股份有限公司	理财产品	1,000	—
6082	中国工商银行股份有限公司	理财产品	1,000	—
6082	中国工商银行股份有限公司	理财产品	1,000	—
6082	中国工商银行股份有限公司	理财产品	1,000	—
6082	中国工商银行股份有限公司	理财产品	1,000	—
6082	中国工商银行股份有限公司	理财产品	1,000	—
6082	中国工商银行股份有限公司	理财产品	1,000	—
6082	中国工商银行股份有限公司	理财产品	1,000	—
6082	中国工商银行股份有限公司	理财产品	1,000	—
6082	中国工商银行股份有限公司	理财产品	1,000	—
6082	中国工商银行股份有限公司	理财产品	1,000	—
6082	中国工商银行股份有限公司	理财产品	1,000	—
6082	中国工商银行股份有限公司	理财产品	1,000	—
6082	中国工商银行股份有限公司	理财产品	1,000	—
6082	中国工商银行股份有限公司	理财产品	1,000	—
6082	中国工商银行股份有限公司	理财产品	1,000	—
6082	中国工商银行股份有限公司	理财产品	1,000	—
6082	中国工商银行股份有限公司	理财产品	1,000	—
6082	中国工商银行股份有限公司	理财产品	1,000	—
6082	中国工商银行股份有限公司	理财产品	1,000	—
6082	中国工商银行股份有限公司	理财产品	1,000	—
6082	中国工商银行股份有限公司	理财产品	1,000	—
6082	中国工商银行股份有限公司	理财产品	1,000	—
6082	中国工商银行股份有限公司	理财产品	1,000	—
6082	中国工商银行股份有限公司	理财产品	1,000	—
6082	中国工商银行股份有限公司	理财产品	1,000	—
6082	中国工商银行股份有限公司	理财产品	1,000	—
6082	中国工商银行股份有限公司	理财产品	1,000	—
6082	中国工商银行股份有限公司	理财产品	1,000	—
6082	中国工商银行股份有限公司	理财产品	1,000	—
6082	中国工商银行股份有限公司	理财产品	1,000	—
6082	中国工商银行股份有限公司	理财产品	1,000	—
6082	中国工商银行股份有限公司	理财产品	1,000	—
6082	中国工商银行股份有限公司	理财产品	1,000	—
6082	中国工商银行股份有限公司	理财产品	1,000	—
6082	中国工商银行股份有限公司	理财产品	1,000	—
6082	中国工商银行股份有限公司	理财产品	1,000	—
6082	中国工商银行股份有限公司	理财产品	1,000	—
6082	中国工商银行股份有限公司	理财产品	1,000	—
6082	中国工商银行股份有限公司	理财产品	1,000	—
6082	中国工商银行股份有限公司	理财产品	1,000	—
6082	中国工商银行股份有限公司	理财产品	1,000	—
6082	中国工商银行股份有限公司	理财产品	1,000	—
6082	中国工商银行股份有限公司	理财产品	1,000	—
6082	中国工商银行股份有限公司	理财产品	1,000	—
6082	中国工商银行股份有限公司	理财产品	1,000	—
6082	中国工商银行股份有限公司	理财产品	1,000	—
6082	中国工商银行股份有限公司	理财产品	1,000	—
6082	中国工商银行股份有限公司	理财产品	1,000	—
6082	中国工商银行股份有限公司	理财产品	1,000	—
6082	中国工商银行股份有限公司	理财产品	1,000	—
6082	中国工商银行股份有限公司	理财产品	1,000	—
6082	中国工商银行股份有限公司	理财产品	1,000	—
6082	中国工商银行股份有限公司	理财产品	1,000	—
6082	中国工商银行股份有限公司	理财产品	1,000	—
6082	中国工商银行股份有限公司	理财产品	1,000	—
6082	中国工商银行股份有限公司	理财产品	1,000	—
6082	中国工商银行股份有限公司	理财产品	1,000	—
6082	中国工商银行股份有限公司	理财产品	1,000	—
6082	中国工商银行股份有限公司	理财产品	1,000	—
6082	中国工商银行股份有限公司	理财产品	1,000	—
6082	中国工商银行股份有限公司	理财产品	1,000	—
6082	中国工商银行股份有限公司	理财产品	1,000	—
6082	中国工商银行股份有限公司	理财产品	1,000	—
6082	中国工商银行股份有限公司	理财产品	1,000	—
6082	中国工商银行股份有限公司	理财产品	1,000	—
6082	中国工商银行股份有限公司	理财产品	1,000	—
6082	中国工商银行股份有限公司	理财产品	1,000	—
6082	中国工商银行股份有限公司	理财产品	1,000	—
6082	中国工商银行股份有限公司	理财产品	1,000	—
6082	中国工商银行股份有限公司	理财产品	1,000	—
6082	中国工商银行股份有限公司	理财产品	1,000	—
6082	中国工商银行股份有限公司	理财产品	1,000	—
6082	中国工商银行股份有限公司	理财产品	1,000	—
6082	中国工商银行股份有限公司	理财产品	1,000	—
6082	中国工商银行股份有限公司	理财产品	1,000	—
6082	中国工商银行股份有限公司	理财产品	1,000	—
6082	中国工商银行股份有限公司	理财产品	1,000	—
6082	中国工商银行股份有限公司	理财产品	1,000	—
6082	中国工商银行股份有限公司	理财产品	1,000	—
6082	中国工商银行股份有限公司	理财产品	1,000	—
6082	中国工商银行股份有限公司	理财产品	1,000	—
6082	中国工商银行股份有限公司	理财产品	1,000	—
6082	中国工商银行股份有限公司	理财产品	1,000	—
6082	中国工商银行股份有限公司	理财产品	1,000	—
6082	中国工商银行股份有限公司	理财产品	1,000	—
6082	中国工商银行股份有限公司	理财产品	1,000	—
6082	中国工商银行股份有限公司	理财产品	1,000	—
中国证券报
